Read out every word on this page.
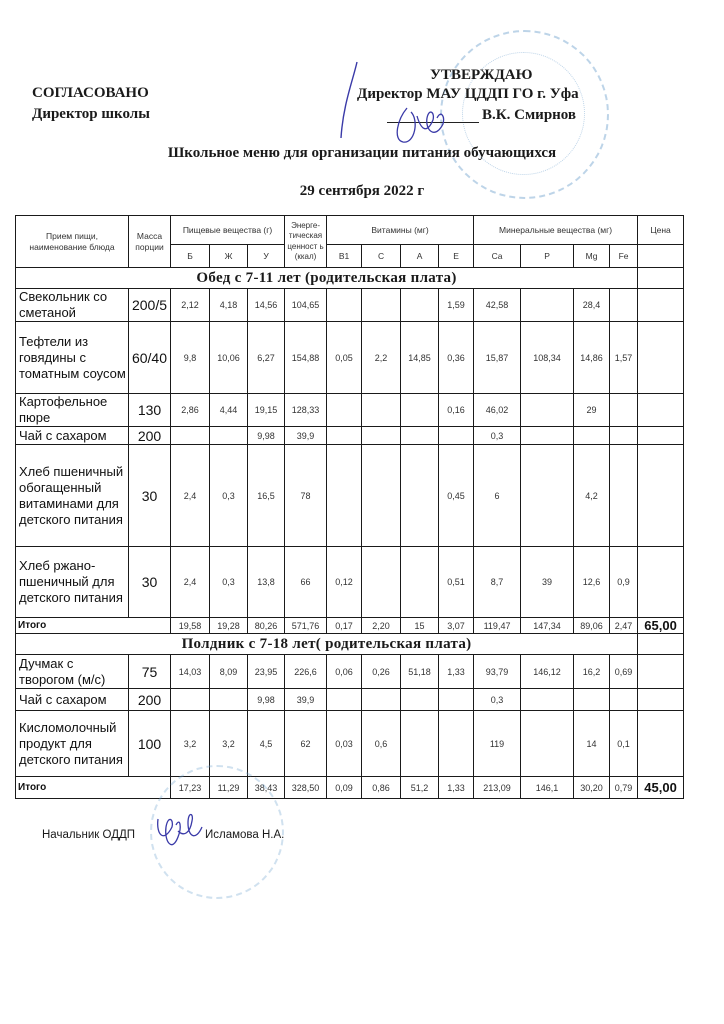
СОГЛАСОВАНО
Директор школы
УТВЕРЖДАЮ
Директор МАУ ЦДДП ГО г. Уфа
В.К. Смирнов
Школьное меню для организации питания обучающихся
29 сентября 2022 г
Прием пищи, наименование блюда	Масса порции	Пищевые вещества (г)			Энерге-тическая ценност ь (ккал)	Витамины (мг)				Минеральные вещества (мг)				Цена
		Б	Ж	У		В1	С	А	Е	Ca	P	Mg	Fe	
Обед с 7-11 лет (родительская плата)														
Свекольник со сметаной	200/5	2,12	4,18	14,56	104,65				1,59	42,58		28,4		
Тефтели из говядины с томатным соусом	60/40	9,8	10,06	6,27	154,88	0,05	2,2	14,85	0,36	15,87	108,34	14,86	1,57	
Картофельное пюре	130	2,86	4,44	19,15	128,33				0,16	46,02		29		
Чай с сахаром	200			9,98	39,9					0,3				
Хлеб пшеничный обогащенный витаминами для детского питания	30	2,4	0,3	16,5	78				0,45	6		4,2		
Хлеб ржано-пшеничный для детского питания	30	2,4	0,3	13,8	66	0,12			0,51	8,7	39	12,6	0,9	
Итого		19,58	19,28	80,26	571,76	0,17	2,20	15	3,07	119,47	147,34	89,06	2,47	65,00
Полдник с 7-18 лет( родительская плата)														
Дучмак с творогом (м/с)	75	14,03	8,09	23,95	226,6	0,06	0,26	51,18	1,33	93,79	146,12	16,2	0,69	
Чай с сахаром	200			9,98	39,9					0,3				
Кисломолочный продукт для детского питания	100	3,2	3,2	4,5	62	0,03	0,6			119		14	0,1	
Итого		17,23	11,29	38,43	328,50	0,09	0,86	51,2	1,33	213,09	146,1	30,20	0,79	45,00
Начальник ОДДП	Исламова Н.А.
